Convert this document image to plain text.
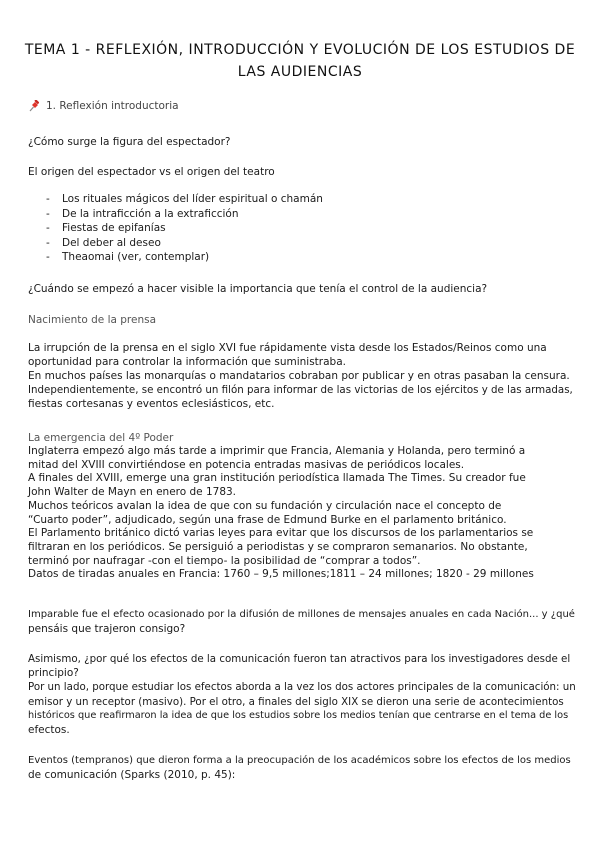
TEMA 1 - REFLEXIÓN, INTRODUCCIÓN Y EVOLUCIÓN DE LOS ESTUDIOS DE LAS AUDIENCIAS
1. Reflexión introductoria

¿Cómo surge la figura del espectador?

El origen del espectador vs el origen del teatro

- Los rituales mágicos del líder espiritual o chamán
- De la intraficción a la extraficción
- Fiestas de epifanías
- Del deber al deseo
- Theaomai (ver, contemplar)

¿Cuándo se empezó a hacer visible la importancia que tenía el control de la audiencia?

Nacimiento de la prensa

La irrupción de la prensa en el siglo XVI fue rápidamente vista desde los Estados/Reinos como una
oportunidad para controlar la información que suministraba.
En muchos países las monarquías o mandatarios cobraban por publicar y en otras pasaban la censura.
Independientemente, se encontró un filón para informar de las victorias de los ejércitos y de las armadas,
fiestas cortesanas y eventos eclesiásticos, etc.

La emergencia del 4º Poder

Inglaterra empezó algo más tarde a imprimir que Francia, Alemania y Holanda, pero terminó a
mitad del XVIII convirtiéndose en potencia entradas masivas de periódicos locales.
A finales del XVIII, emerge una gran institución periodística llamada The Times. Su creador fue
John Walter de Mayn en enero de 1783.
Muchos teóricos avalan la idea de que con su fundación y circulación nace el concepto de
“Cuarto poder”, adjudicado, según una frase de Edmund Burke en el parlamento británico.
El Parlamento británico dictó varias leyes para evitar que los discursos de los parlamentarios se
filtraran en los periódicos. Se persiguió a periodistas y se compraron semanarios. No obstante,
terminó por naufragar -con el tiempo- la posibilidad de “comprar a todos”.
Datos de tiradas anuales en Francia: 1760 – 9,5 millones;1811 – 24 millones; 1820 - 29 millones
Imparable fue el efecto ocasionado por la difusión de millones de mensajes anuales en cada Nación... y ¿qué
pensáis que trajeron consigo?
Asimismo, ¿por qué los efectos de la comunicación fueron tan atractivos para los investigadores desde el
principio?
Por un lado, porque estudiar los efectos aborda a la vez los dos actores principales de la comunicación: un
emisor y un receptor (masivo). Por el otro, a finales del siglo XIX se dieron una serie de acontecimientos
históricos que reafirmaron la idea de que los estudios sobre los medios tenían que centrarse en el tema de los
efectos.
Eventos (tempranos) que dieron forma a la preocupación de los académicos sobre los efectos de los medios
de comunicación (Sparks (2010, p. 45):
